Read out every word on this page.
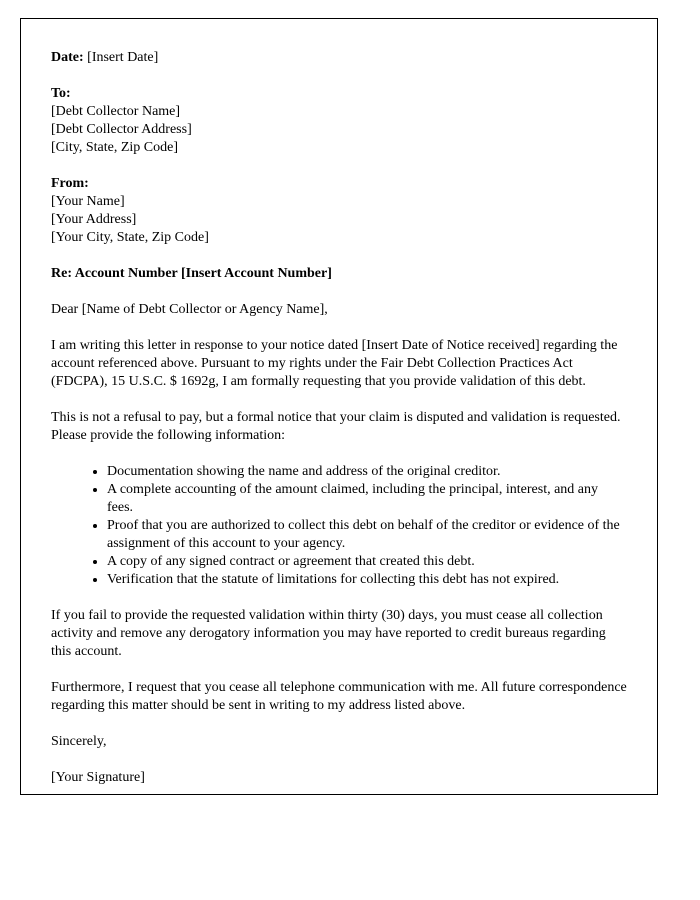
Date: [Insert Date]

To:

[Debt Collector Name]

[Debt Collector Address]

[City, State, Zip Code]

From:

[Your Name]

[Your Address]

[Your City, State, Zip Code]

Re: Account Number [Insert Account Number]

Dear [Name of Debt Collector or Agency Name],

I am writing this letter in response to your notice dated [Insert Date of Notice received] regarding the account referenced above. Pursuant to my rights under the Fair Debt Collection Practices Act (FDCPA), 15 U.S.C. $ 1692g, I am formally requesting that you provide validation of this debt.

This is not a refusal to pay, but a formal notice that your claim is disputed and validation is requested. Please provide the following information:

• Documentation showing the name and address of the original creditor.
• A complete accounting of the amount claimed, including the principal, interest, and any fees.
• Proof that you are authorized to collect this debt on behalf of the creditor or evidence of the assignment of this account to your agency.
• A copy of any signed contract or agreement that created this debt.
• Verification that the statute of limitations for collecting this debt has not expired.

If you fail to provide the requested validation within thirty (30) days, you must cease all collection activity and remove any derogatory information you may have reported to credit bureaus regarding this account.

Furthermore, I request that you cease all telephone communication with me. All future correspondence regarding this matter should be sent in writing to my address listed above.

Sincerely,

[Your Signature]
